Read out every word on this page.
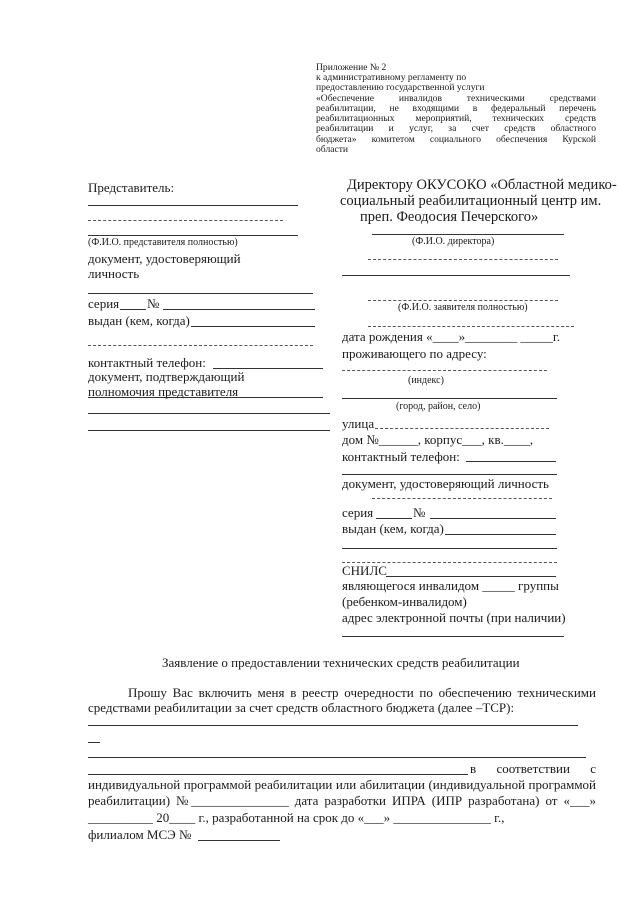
Приложение № 2
к административному регламенту по
предоставлению государственной услуги
«Обеспечение инвалидов техническими средствами
реабилитации, не входящими в федеральный перечень
реабилитационных мероприятий, технических средств
реабилитации и услуг, за счет средств областного
бюджета» комитетом социального обеспечения Курской
области
Представитель:
(Ф.И.О. представителя полностью)
документ, удостоверяющий
личность
серия №
выдан (кем, когда)
контактный телефон:
документ, подтверждающий
полномочия представителя
Директору ОКУСОКО «Областной медико-
социальный реабилитационный центр им.
преп. Феодосия Печерского»
(Ф.И.О. директора)
(Ф.И.О. заявителя полностью)
дата рождения «____»________ _____г.
проживающего по адресу:
(индекс)
(город, район, село)
улица
дом №______, корпус___, кв.____,
контактный телефон:
документ, удостоверяющий личность
серия	№
выдан (кем, когда)
СНИЛС
являющегося инвалидом _____ группы
(ребенком-инвалидом)
адрес электронной почты (при наличии)
Заявление о предоставлении технических средств реабилитации
Прошу Вас включить меня в реестр очередности по обеспечению техническими
средствами реабилитации за счет средств областного бюджета (далее –ТСР):
в соответствии с
индивидуальной программой реабилитации или абилитации (индивидуальной программой
реабилитации) №_______________ дата разработки ИПРА (ИПР разработана) от «___»
__________ 20____ г., разработанной на срок до «___» _______________ г.,
филиалом МСЭ №
